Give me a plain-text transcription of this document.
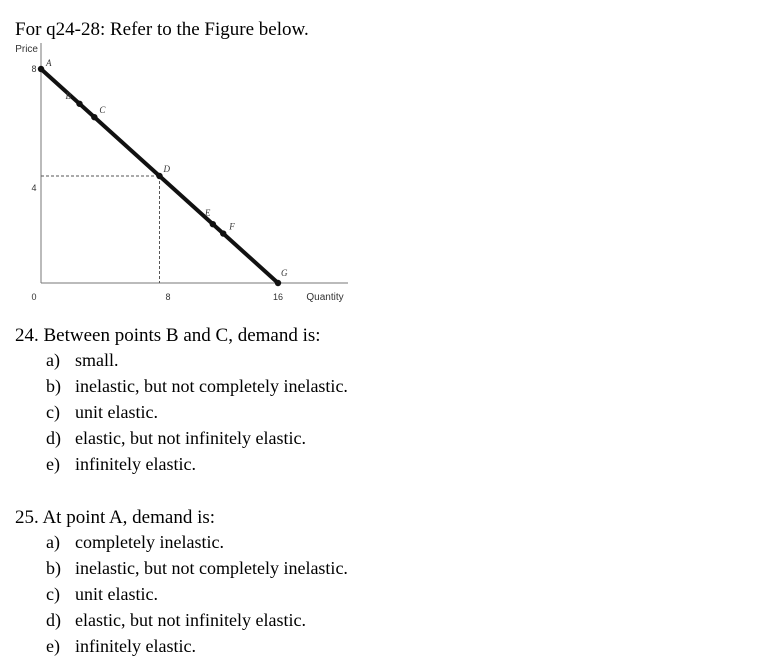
For q24-28: Refer to the Figure below.
Price
Quantity
8
4
0	8	16
A
B
C
D
E
F
G
24. Between points B and C, demand is:
a) small.
b) inelastic, but not completely inelastic.
c) unit elastic.
d) elastic, but not infinitely elastic.
e) infinitely elastic.
25. At point A, demand is:
a) completely inelastic.
b) inelastic, but not completely inelastic.
c) unit elastic.
d) elastic, but not infinitely elastic.
e) infinitely elastic.
